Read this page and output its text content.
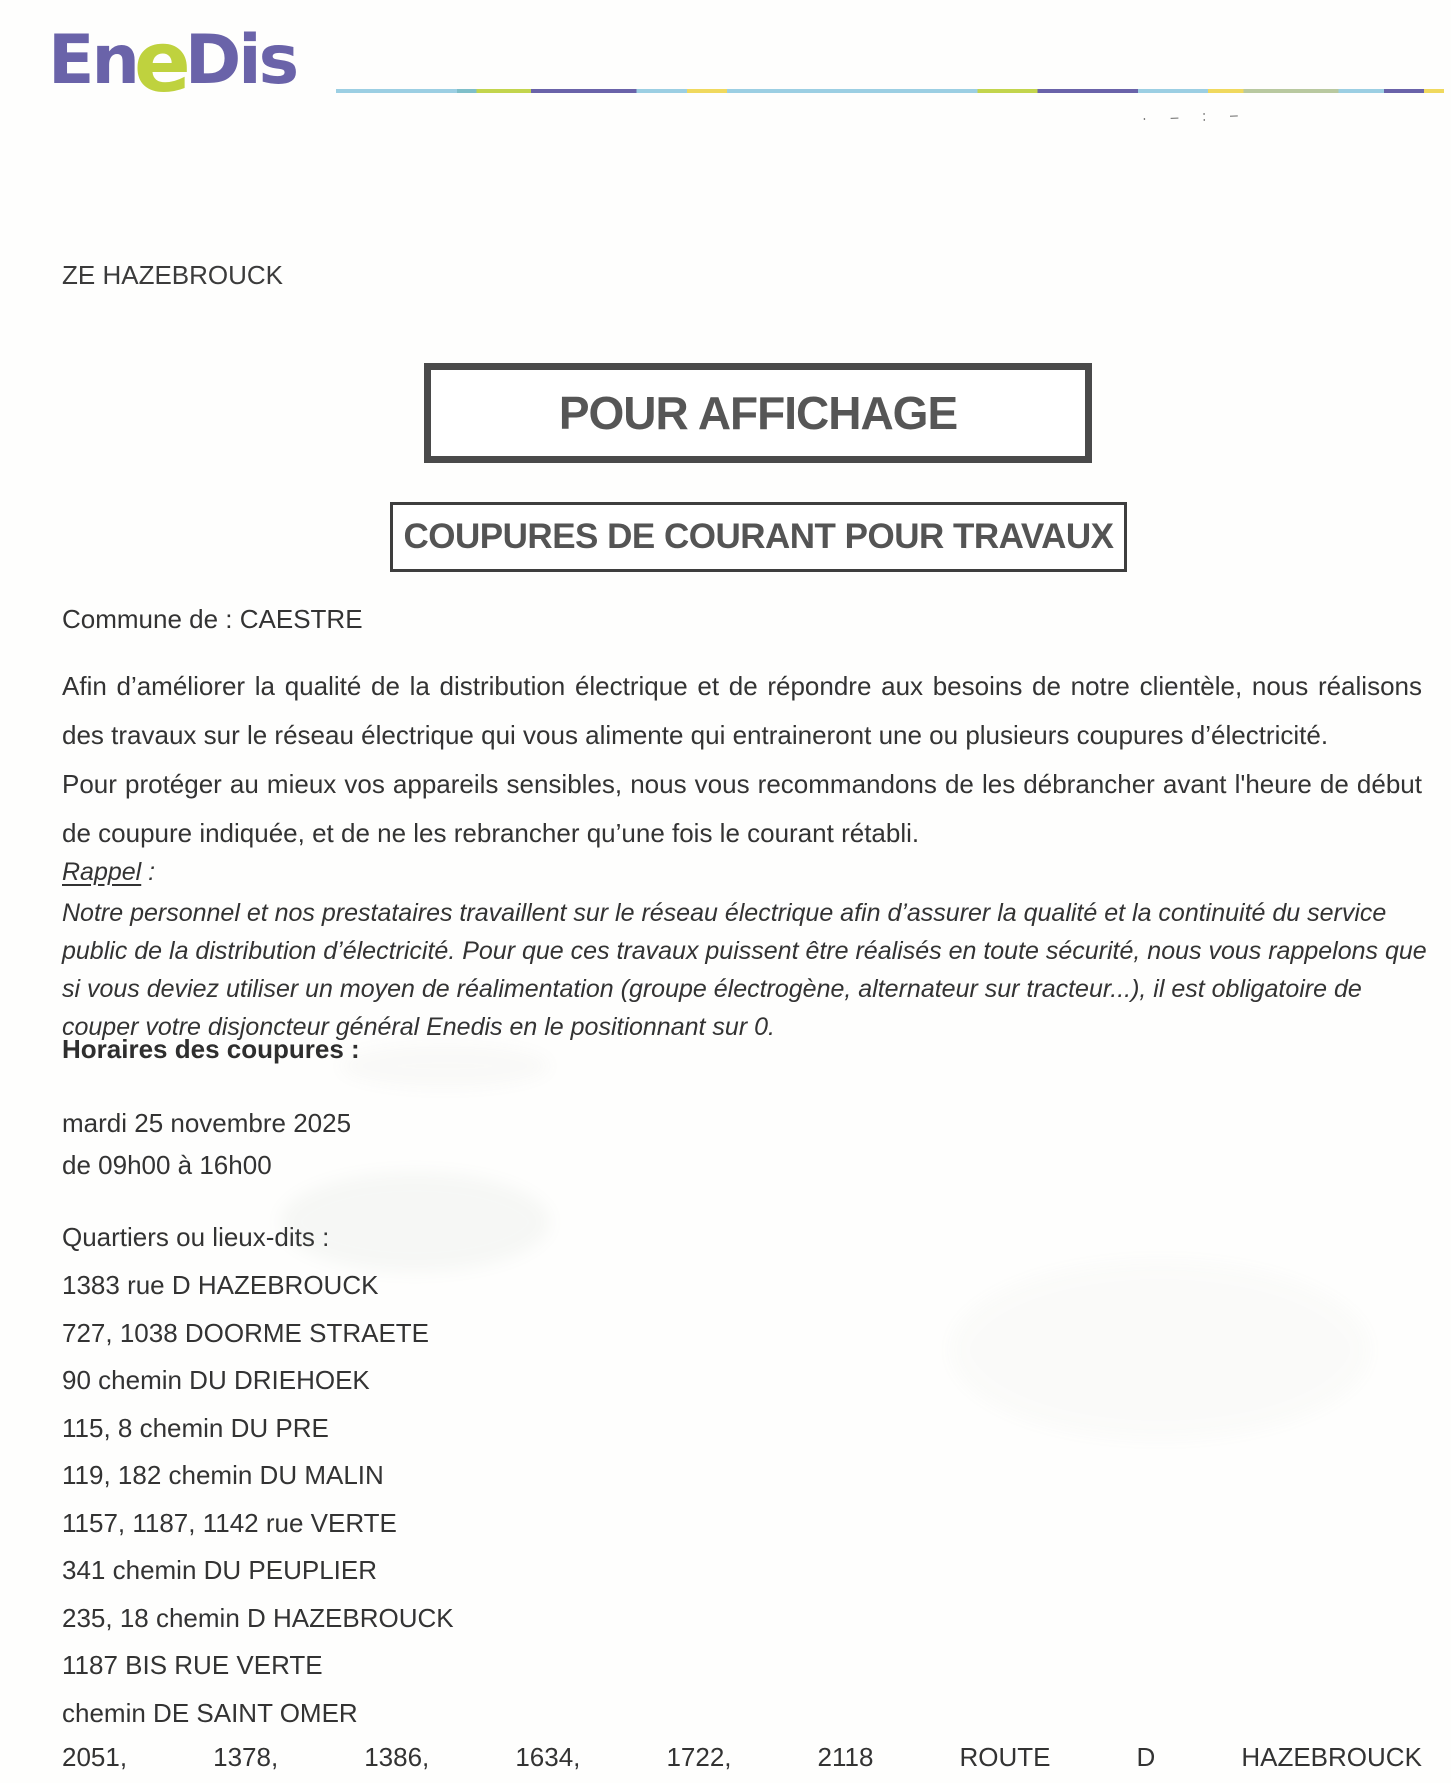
EneDis
· – : –
ZE HAZEBROUCK
POUR AFFICHAGE
COUPURES DE COURANT POUR TRAVAUX
Commune de : CAESTRE
Afin d’améliorer la qualité de la distribution électrique et de répondre aux besoins de notre clientèle, nous réalisons des travaux sur le réseau électrique qui vous alimente qui entraineront une ou plusieurs coupures d’électricité.
Pour protéger au mieux vos appareils sensibles, nous vous recommandons de les débrancher avant l'heure de début de coupure indiquée, et de ne les rebrancher qu’une fois le courant rétabli.
Rappel :
Notre personnel et nos prestataires travaillent sur le réseau électrique afin d’assurer la qualité et la continuité du service public de la distribution d’électricité. Pour que ces travaux puissent être réalisés en toute sécurité, nous vous rappelons que si vous deviez utiliser un moyen de réalimentation (groupe électrogène, alternateur sur tracteur...), il est obligatoire de couper votre disjoncteur général Enedis en le positionnant sur 0.
Horaires des coupures :
mardi 25 novembre 2025
de 09h00 à 16h00
Quartiers ou lieux-dits :
1383 rue D HAZEBROUCK
727, 1038 DOORME STRAETE
90 chemin DU DRIEHOEK
115, 8 chemin DU PRE
119, 182 chemin DU MALIN
1157, 1187, 1142 rue VERTE
341 chemin DU PEUPLIER
235, 18 chemin D HAZEBROUCK
1187 BIS RUE VERTE
chemin DE SAINT OMER
2051,	1378,	1386,	1634,	1722,	2118	ROUTE	D	HAZEBROUCK
